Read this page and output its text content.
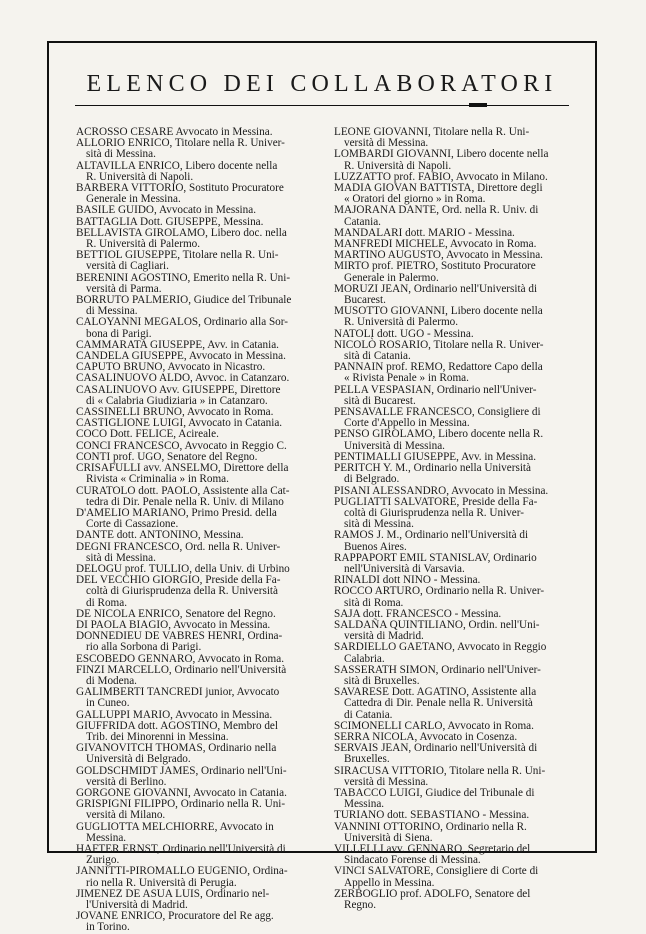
ELENCO DEI COLLABORATORI
ACROSSO CESARE Avvocato in Messina.
ALLORIO ENRICO, Titolare nella R. Univer-
sità di Messina.
ALTAVILLA ENRICO, Libero docente nella
R. Università di Napoli.
BARBERA VITTORIO, Sostituto Procuratore
Generale in Messina.
BASILE GUIDO, Avvocato in Messina.
BATTAGLIA Dott. GIUSEPPE, Messina.
BELLAVISTA GIROLAMO, Libero doc. nella
R. Università di Palermo.
BETTIOL GIUSEPPE, Titolare nella R. Uni-
versità di Cagliari.
BERENINI AGOSTINO, Emerito nella R. Uni-
versità di Parma.
BORRUTO PALMERIO, Giudice del Tribunale
di Messina.
CALOYANNI MEGALOS, Ordinario alla Sor-
bona di Parigi.
CAMMARATA GIUSEPPE, Avv. in Catania.
CANDELA GIUSEPPE, Avvocato in Messina.
CAPUTO BRUNO, Avvocato in Nicastro.
CASALINUOVO ALDO, Avvoc. in Catanzaro.
CASALINUOVO Avv. GIUSEPPE, Direttore
di « Calabria Giudiziaria » in Catanzaro.
CASSINELLI BRUNO, Avvocato in Roma.
CASTIGLIONE LUIGI, Avvocato in Catania.
COCO Dott. FELICE, Acireale.
CONCI FRANCESCO, Avvocato in Reggio C.
CONTI prof. UGO, Senatore del Regno.
CRISAFULLI avv. ANSELMO, Direttore della
Rivista « Criminalia » in Roma.
CURATOLO dott. PAOLO, Assistente alla Cat-
tedra di Dir. Penale nella R. Univ. di Milano
D'AMELIO MARIANO, Primo Presid. della
Corte di Cassazione.
DANTE dott. ANTONINO, Messina.
DEGNI FRANCESCO, Ord. nella R. Univer-
sità di Messina.
DELOGU prof. TULLIO, della Univ. di Urbino
DEL VECCHIO GIORGIO, Preside della Fa-
coltà di Giurisprudenza della R. Università
di Roma.
DE NICOLA ENRICO, Senatore del Regno.
DI PAOLA BIAGIO, Avvocato in Messina.
DONNEDIEU DE VABRES HENRI, Ordina-
rio alla Sorbona di Parigi.
ESCOBEDO GENNARO, Avvocato in Roma.
FINZI MARCELLO, Ordinario nell'Università
di Modena.
GALIMBERTI TANCREDI junior, Avvocato
in Cuneo.
GALLUPPI MARIO, Avvocato in Messina.
GIUFFRIDA dott. AGOSTINO, Membro del
Trib. dei Minorenni in Messina.
GIVANOVITCH THOMAS, Ordinario nella
Università di Belgrado.
GOLDSCHMIDT JAMES, Ordinario nell'Uni-
versità di Berlino.
GORGONE GIOVANNI, Avvocato in Catania.
GRISPIGNI FILIPPO, Ordinario nella R. Uni-
versità di Milano.
GUGLIOTTA MELCHIORRE, Avvocato in
Messina.
HAFTER ERNST, Ordinario nell'Università di
Zurigo.
JANNITTI-PIROMALLO EUGENIO, Ordina-
rio nella R. Università di Perugia.
JIMENEZ DE ASUA LUIS, Ordinario nel-
l'Università di Madrid.
JOVANE ENRICO, Procuratore del Re agg.
in Torino.
LEONE GIOVANNI, Titolare nella R. Uni-
versità di Messina.
LOMBARDI GIOVANNI, Libero docente nella
R. Università di Napoli.
LUZZATTO prof. FABIO, Avvocato in Milano.
MADIA GIOVAN BATTISTA, Direttore degli
« Oratori del giorno » in Roma.
MAJORANA DANTE, Ord. nella R. Univ. di
Catania.
MANDALARI dott. MARIO - Messina.
MANFREDI MICHELE, Avvocato in Roma.
MARTINO AUGUSTO, Avvocato in Messina.
MIRTO prof. PIETRO, Sostituto Procuratore
Generale in Palermo.
MORUZI JEAN, Ordinario nell'Università di
Bucarest.
MUSOTTO GIOVANNI, Libero docente nella
R. Università di Palermo.
NATOLI dott. UGO - Messina.
NICOLÒ ROSARIO, Titolare nella R. Univer-
sità di Catania.
PANNAIN prof. REMO, Redattore Capo della
« Rivista Penale » in Roma.
PELLA VESPASIAN, Ordinario nell'Univer-
sità di Bucarest.
PENSAVALLE FRANCESCO, Consigliere di
Corte d'Appello in Messina.
PENSO GIROLAMO, Libero docente nella R.
Università di Messina.
PENTIMALLI GIUSEPPE, Avv. in Messina.
PERITCH Y. M., Ordinario nella Università
di Belgrado.
PISANI ALESSANDRO, Avvocato in Messina.
PUGLIATTI SALVATORE, Preside della Fa-
coltà di Giurisprudenza nella R. Univer-
sità di Messina.
RAMOS J. M., Ordinario nell'Università di
Buenos Aires.
RAPPAPORT EMIL STANISLAV, Ordinario
nell'Università di Varsavia.
RINALDI dott NINO - Messina.
ROCCO ARTURO, Ordinario nella R. Univer-
sità di Roma.
SAJA dott. FRANCESCO - Messina.
SALDAÑA QUINTILIANO, Ordin. nell'Uni-
versità di Madrid.
SARDIELLO GAETANO, Avvocato in Reggio
Calabria.
SASSERATH SIMON, Ordinario nell'Univer-
sità di Bruxelles.
SAVARESE Dott. AGATINO, Assistente alla
Cattedra di Dir. Penale nella R. Università
di Catania.
SCIMONELLI CARLO, Avvocato in Roma.
SERRA NICOLA, Avvocato in Cosenza.
SERVAIS JEAN, Ordinario nell'Università di
Bruxelles.
SIRACUSA VITTORIO, Titolare nella R. Uni-
versità di Messina.
TABACCO LUIGI, Giudice del Tribunale di
Messina.
TURIANO dott. SEBASTIANO - Messina.
VANNINI OTTORINO, Ordinario nella R.
Università di Siena.
VILLELLI avv. GENNARO, Segretario del
Sindacato Forense di Messina.
VINCI SALVATORE, Consigliere di Corte di
Appello in Messina.
ZERBOGLIO prof. ADOLFO, Senatore del
Regno.
